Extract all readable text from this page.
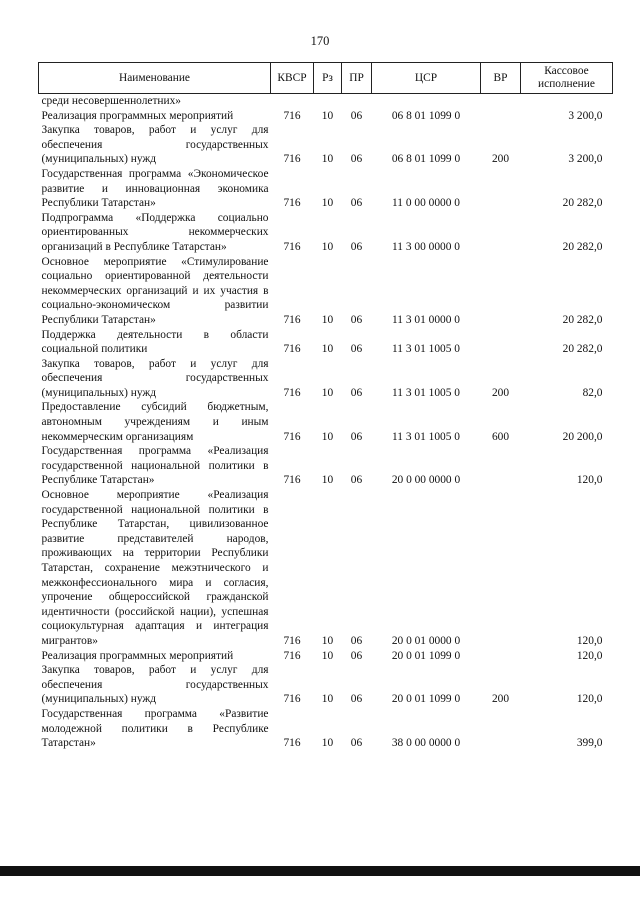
170
Наименование	КВСР	Рз	ПР	ЦСР	ВР	Кассовое исполнение
среди несовершеннолетних»						
Реализация программных мероприятий	716	10	06	06 8 01 1099 0		3 200,0
Закупка товаров, работ и услуг для обеспечения государственных (муниципальных) нужд	716	10	06	06 8 01 1099 0	200	3 200,0
Государственная программа «Экономическое развитие и инновационная экономика Республики Татарстан»	716	10	06	11 0 00 0000 0		20 282,0
Подпрограмма «Поддержка социально ориентированных некоммерческих организаций в Республике Татарстан»	716	10	06	11 3 00 0000 0		20 282,0
Основное мероприятие «Стимулирование социально ориентированной деятельности некоммерческих организаций и их участия в социально-экономическом развитии Республики Татарстан»	716	10	06	11 3 01 0000 0		20 282,0
Поддержка деятельности в области социальной политики	716	10	06	11 3 01 1005 0		20 282,0
Закупка товаров, работ и услуг для обеспечения государственных (муниципальных) нужд	716	10	06	11 3 01 1005 0	200	82,0
Предоставление субсидий бюджетным, автономным учреждениям и иным некоммерческим организациям	716	10	06	11 3 01 1005 0	600	20 200,0
Государственная программа «Реализация государственной национальной политики в Республике Татарстан»	716	10	06	20 0 00 0000 0		120,0
Основное мероприятие «Реализация государственной национальной политики в Республике Татарстан, цивилизованное развитие представителей народов, проживающих на территории Республики Татарстан, сохранение межэтнического и межконфессионального мира и согласия, упрочение общероссийской гражданской идентичности (российской нации), успешная социокультурная адаптация и интеграция мигрантов»	716	10	06	20 0 01 0000 0		120,0
Реализация программных мероприятий	716	10	06	20 0 01 1099 0		120,0
Закупка товаров, работ и услуг для обеспечения государственных (муниципальных) нужд	716	10	06	20 0 01 1099 0	200	120,0
Государственная программа «Развитие молодежной политики в Республике Татарстан»	716	10	06	38 0 00 0000 0		399,0
